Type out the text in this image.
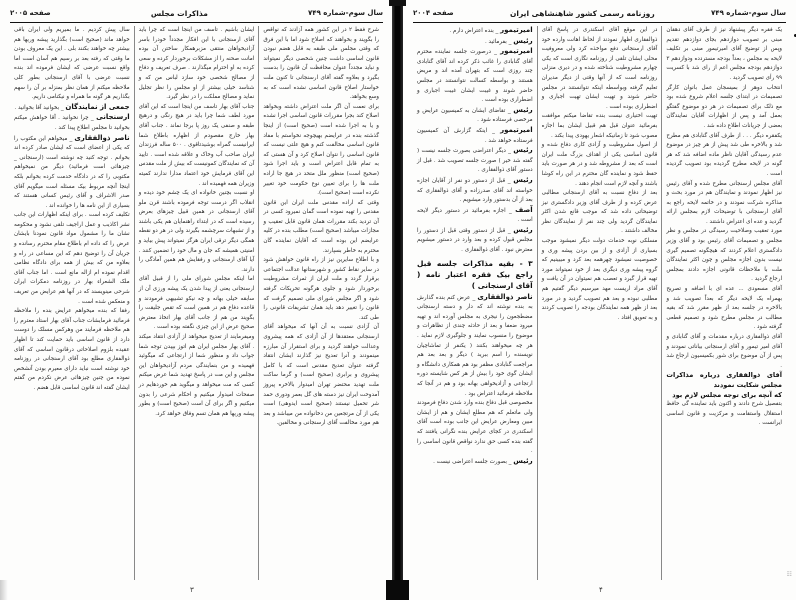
سال سوم-شماره ۷۴۹
مذاکرات مجلس
صفحه ۲۰۰۵

شرح فقط ۲ در این کشور همه آزادند که نواقص را بگویند و بخواهند که اصلاح شود اما با این فرق که وقتی مجلس ملی طبقه به قابل هضم نبودن قانون اساسی داشت چنین شخصی دیگر نمیتواند و نباید مجدداً عنوان محافظت آن قانون را بدست بگیرد و بعلاوه گفته آقای ارسنجانی تا کنون ملت خواستار اصلاح قانون اساسی نشده است که به وسع بخواهد.

برای نعمت آن اگر ملت اعتراض داشته وبخواهد اصلاح کند بجرا مقررات قانون اساسی اجرا نشده و یا به اجرا شده است (صحیح است) از اینجا گذشته بنده در عرایضم بهیچوجه نخواستم با مفاد قانون اساسی مخالفت کنم و هیچ علتی نیست که قانون اساسی را نتوان اصلاح کرد و آن هستی که به تمام قابل اعتراض است و باید اجرا شود (صحیح است) منظور ملل متحد در هیچ جا اراده ملت ها را برای تعیین نوع حکومت خود تغییر نکرده است (صحیح است).

وقتی که اراده مقدس ملت ایران این قانون مقدس را تهیه نموده است گمان نمیرود کسی در آن تردید بکند مقررات همان قانون قابل تعقیب و مجازات میباشد (صحیح است) مطلب بنده در کلیه عرایضم این بوده است که آقایان نماینده گان محترم به خاطر بسپارند.

و با اطلاع سایرین نیز از راه قانون خواهش شود در سایر نقاط کشور و شهرستانها عدالت اجتماعی برقرار گردد و ملت ایران از ثمرات مشروطیت برخوردار شود و جلوی هرگونه تحریکات گرفته شود و اگر مجلس شورای ملی تصمیم گرفت که قانون را تغییر دهد باید همان تشریفات قانونی را طی کند.

آن آزادی نسبت به آن آنها که میخواهد آقای ارسنجانی معتقدها از آن آزادی که همه پیشروی وعدالت خواهند گردید و برای استقرار آن مبارزه مینمودند و آنرا تعدیح نیز گذارند ایشان انتقاد گرفته عنوان تعدیح مقدس است که با کامل پیشروی و برابری (صحیح است) و گرما ساکت ملت تهدید محتضر تهران امیدوار بالاخره پیروز آمدوحت ایران نیز دسته های گل بعمر ودوری حمد شر تحمیل نیستند (صحیح است ایدوهی) است یکی از آن مرتجعین من دخانواده من میباشد و بعد هم مورد مخالفت آقای ارسنجانی و مخالفین.

ایشان باشیم . تاسف من اینجا است که چرا باید آقای ارسنجانی با این افکار مجدداً خودرا باسر آزادیخواهان منتقی مزبرهمکار ساختن آن بوده امانت صحنه را از مشکلات برخوردار کرده و سعی کرده به او احترام میگذارند . صرف تعریف و دفاع از مصالح شخصی خود سازد لباس من که و شناسد خیلی بیشتر از او مجلس را نظر تجلیل نماید و مصالح مملکت را در نظر گیرد.

جناب آقای بهار تاسف من اینجا است که این آقای مورد لطف شما چرا باید در هیچ رنگی و درهیچ طبقه و صنفی یک روز پا برجا نماند . جناب آقای بهار خارج مقصودم از اظهاره باطلاع شما ایرانیست گمراه بوشیدتاقوی . ۵۰۰ ساله فرزندان ایران صاحب آب وخاک و علاقه شده است . تایید آن که نمایندگان کمونیست که بیش از ملت مقدس این آقای فرمایش خود اعتماد مدارا ندارند کمیته وزیران همه فهمیده اند .

او نسبت بچنین خانواده ای یک چشم خود دیده و انقلاب اگر درست توجه فرموده باشند قرن ملو آقای ارسنجانی در همین قبیل چیزهای بعرض رسیده است که در ابتداء راهنمایان هم یکی باشند و از تشبهات سرچشمه بگیرند ولی در هر دو نقطه همگی دیگر ترقی ایران هرگز نمیتواند پیش بیاید و امنیتی همیشه که جان و مال خود را تضمین کنند . آیا آقای ارسنجانی و رفقایش هم همین آمادگی را دارند.

اما اینکه مجلس شورای ملی را از قبیل آقای ارسنجانی یعنی از پیدا شدن یک پیشه ورزی آن از سابقه خیلی بهانه و چه نیکو تشبیهی فرمودند و قاعده دفاع هم در همین است که تقص جلیقت را بگویند من هم از جانب آقای بهار اتخاذ معترض صحیح عرض از این چیزی نگفته بوده است .

ومیفرمایند از تعدیح میخواهد از آزادی انتقاد میکند . آقای بهار مجلس ایران هم اتوز بپیدن توجه شما جواب داد و منظور شما از ارتجاعی که میگوئید فهمیده و من بنمایندگی مردم آزادیخواهان این مجلس و این مت در پاسخ تهدید شما عرض میکنم کسی که مت میخواهد و میگوید هم خوردهایم در صفحات امیدوار میکنیم و احکام شرعی را بدون میکنیم و اگر برای آن است (صحیح است) و بطور پیشه وریها هم همان تسم وفاق خواهد کرد.

سال پیش کردیم . ما بمیریم ولی ایران باقی خواهد ماند (صحیح است) بگذارید پیشه وریها هم بیشتر چه خواهند بکنند بلی . این یک معروف بودن ما وقتی که رفته بعد بر رسیم هم آسان است اما واقع نسبت عرضی که ایشان فرموده اند بنده نسبت عرضی با آقای ارسنجانی بطور کلی ملاحظه میکنم از همان نظر بمنزله بر آن را سهم بگذاریم هر گونه ما همراه و نیکنامی داریم.

جمعی از نمایندگان _ بخوانید آقا بخوانید .

ارسنجانی _ چرا نخوانید . آقا خواهش میکنم بخوانید تا مجلس اطلاع پیدا کند .

ناصر ذوالفقاری _ میخواهم این مکتوب را که یکی از اعضای است که ایشان صادر کرده اند بخوانم . توجه کنید چه نوشته است (ارسنجانی _ چیزهائی است فرمائید) دیگر من نمیخواهم مکتوبی را که در دادگاه خدمت کرده بخوانم بلکه اینجا آنچه مربوط بیک مسئله است میگویم آقای صدر الاشراف و آقای رئیس کسانی هستند که بسیاری از این نامه ها را خوانده اند .

تکلیف کرده است . برای اینکه اظهارات این جانب نشر اکاذیب و عمل اراجیف تلقی نشود و محکومه نشان ما را مشمول مواد قانون نمودنا بایشان عرض را که داده ام باطلاع مقام محترم رسانده و جریان آن را توضیح دهم که این مساعی در راه و بعلاوه من که بیش از همه برای دادگاه نظامی اقدام نموده ام ازاله مانع است . اما جناب آقای ملک الشعراء بهار در روزنامه دمکرات ایران شرحی مینویسند که در آنها هم عرایض من تعریف و منعکس شده است .

رفقا که بنده میخواهم عرایض بنده را ملاحظه فرمائید فرمایشات جناب آقای بهار استاد معترم را هم ملاحظه فرمایند من وهرکس مسلک را دوست دارد از قانون اساسی باید حمایت کند تا اظهار عقیده بلزوم اصلاحاتی درقانون اساسی که آقای ذوالفقاری مطلع بود آقای ارسنجانی در روزنامه خود نوشته است نباید دارای معیرم بودن آنشخص نموده من چنین چیزهائی عرض نکردم من گفتم ایشان گفته اند قانون اساسی قابل هضم .

۳
سال سوم-شماره ۷۴۹
روزنامه رسمی کشور شاهنشاهی ایران
صفحه ۲۰۰۴

یک فقره دیگر پیشنهاد نیز از طرف آقای دهقان مبنی بر تصویب دوازدهم بجای دوازدهم تقدیم وپس از توضیح آقای امیرتیمور مبنی بر تکلیف لایحه به مجلس ، بعداً بودجه مستردده ودوازدهم ۳ دوازدهم بودجه مجلس اعم از رای شد با کسریت ۹۹ رأی تصویب گردید .

انتخاب دوهر از بمیسجان عمل بانوان کارگر تصمیمات در ابتدای جلسه اعلام شروع شده بود مع ذلک برای تصمیمات در هر دو موضوع گفتگو بعمل آمد و پس از اظهارات آقایان نمایندگان بعضی از جریانات اطلاع داده شد .

یکفقره دیگر . . . از طرف آقای گنابادی هم مطرح شد و بالاخره طی شد پیش از هر چیز در موضوع عدم رسیدگی آقایان ناظر ماده اضافه شد که هر گونه در لایحه مطرح گردیده بود تصویب گردیده است .

آقای مجلس ارسنجانی مطرح شده و آقای رئیس نیز اظهار نمودند و نمایندگان هم در مورد بحث و مذاکره شرکت نمودند و در خاتمه لایحه راجع به آقای ارسنجانی با توضیحات لازم بمجلس ارائه گردید و عده ای اعتراض داشتند .

مورد تعقیب وصلاحیت رسیدگی در مجلس و نظر مجلس و تصمیمات آقای رئیس بود و آقای وزیر دادگستری اعلام کردند که هیچگونه تصمیم گیری نیست بدون اجازه مجلس و چون اکثر نمایندگان ملت با ملاحظات قانونی اجازه دادند بمجلس ارجاع گردید .

آقای مسعودی ... عده ای با اضافه و تصریح بهمراه یک لایحه دیگر که بعداً تصویب شد و بالاخره در جلسه بعد از ظهر مقرر شد که بقیه مطالب در مجلس مطرح شود و تصمیم قطعی گرفته شود .

آقای ذوالفقاری درباره مقدمات و آقای گنابادی و آقای امیر تیمور و آقای ارسنجانی بیاناتی نمودند و پس از آن موضوع برای شور بکمیسیون ارجاع شد .

آقای ذوالفقاری درباره مذاکرات مجلس شکایت نمودند

که آنچه برای توجه مجلس لازم بود

بتفصیل شرح دادند و اکنون باید نماینده گی حافظ استقلال واستقامت و مرکزیت و قانون اساسی ایرانست .

در این موقع آقای اسکندری در پاسخ آقای ذوالفقاری اظهار نمودند از لحاظ اهانت وارده خود آقای ارسنجانی دفع مواخذه کرد ولی معروفیت محلی ایشان تلقی از روزنامه نگاری است که یکی چهارم مشروطیت شناخته شده و در دیری منزلی روزنامه است که از آنها وقتی از دیگر مدیران تعلیم گرفته وبواسطه اینکه نتوانستند در مجلس حاضر شوند و تهیت ایشان تهیت اجباری و اضطراری بوده است .

تهیت اختیاری نیست بنده تقاضا میکنم موافقت بفرمائید عنوان قبل هم قبیل ایشان بما اجازه مصوب شود تا زمانیکه اشعار یهودی پیدا بکند .

از اصول مشروطیت و آزادی کاری دفاع شده و قانون اساسی یکی از اهداف بزرگ ملت ایران است که بعد از مشروطه شد و در هر صورت باید حفظ شود و نماینده گان محترم در این راه کوشا باشند و آنچه لازم است انجام دهند .

بعد از دفاع نسبت به آقای ارسنجانی مطالبی عرض کرده و از طرف آقای وزیر دادگستری نیز توضیحاتی داده شد که موجب قانع شدن اکثر نمایندگان گردید ولی چند نفر از نمایندگان نظر مخالف داشتند .

مسلکی نوبه خدمات دولت دیگر نمیشود موجب بسیاری از آزادی و از بین بردن پیشه وری و خصوصیت نمیشود چهرهمه بعد کرد و میبینیم که گروه پیشه وری دیگری بعد از خود نمیتواند مورد تهیه قرار گیرد و تعصب هم نمیتوان در آن یافت و آقای مراد اریست مهد میرسیم دیگر گفتیم هم مطلبی نبوده و بعد هم تصویب گردید و در مورد بعد از ظهر همه نمایندگان بودجه را تصویب کردند و به تعویق افتاد .

امیرتیمور _ بنده اعتراض دارم .

رئیس _ بفرمائید .

امیرتیمور _ درصورت جلسه نماینده محترم آقای گنابادی را غائب ذکر کرده اند آقای گنابادی چند روزی است که بتهران آمده اند و مریض هستند و بواسطه کسالت نتوانستند در مجلس حاضر شوند و غیبت ایشان غیبت اجباری و اضطراری بوده است .

رئیس _ تقاضای ایشان به کمیسیون عرایض و مرخصی فرستاده شود .

امیرتیمور _ اینکه گزارش آن کمیسیون فرستاده خواهد شد .

رئیس _ دیگر اعتراضی بصورت جلسه نیست ( گفته شد خیر ) صورت جلسه تصویب شد . قبل از دستور آقای ذوالفقاری .

رئیس _ قبل از دستور دو نفر از آقایان اجازه خواسته اند آقای صدرزاده و آقای ذوالفقاری که بعد از آن بدستور وارد میشویم .

آصف _ اجازه بفرمائید در دستور دیگر لایحه است .

رئیس _ قبل از دستور وقتی قبل از دستور را مجلس قبول کرده و بعد وارد در دستور میشویم معترض نبود . آقای ذوالفقاری .

۳ - بقیه مذاکرات جلسه قبل راجع بیک فقره اعتبار نامه ( آقای ارسنجانی )

ناصر ذوالفقاری _ عرض کنم بنده گذارش به بنده نوشته اند که دار و دسته ارسنجانی مضطجعون را نیجری به مجلس آورده اند و تهیه میرود ضعفا و بعد از حادثه چندی از تظاهرات و موضوع را منسوب نمایند و جلوگیری لازم نماید . هر چه میخواهند بکنند ( یکنفر از تماشاچیان نویسنده را اسم ببرید ) دیگر و بعد بعد هم مراجعت گنابادی مظفر بود هم همکاری دانشگاه و ایشان گوی خود را بیش از هر کس شایسته دوره ارتجاعی و آزادیخواهی بهانه بود و هم در آنجا که ملاحظه فرمائید اعتراض بود .

مخصوصی قبل دفاع بنده وارد شدن دفاع فرمودند ولی ماتعلم که هم مطلع ایشان و هم از ایشان مبین ومعارض عرایض این جانب بوده است آقای اسکندری در کجای عرایض بنده نگرانی یافتند که گفته بنده کسی حق ندارد نواقص قانون اساسی را .

رئیس _ بصورت جلسه اعتراضی نیست .

۴
☷
